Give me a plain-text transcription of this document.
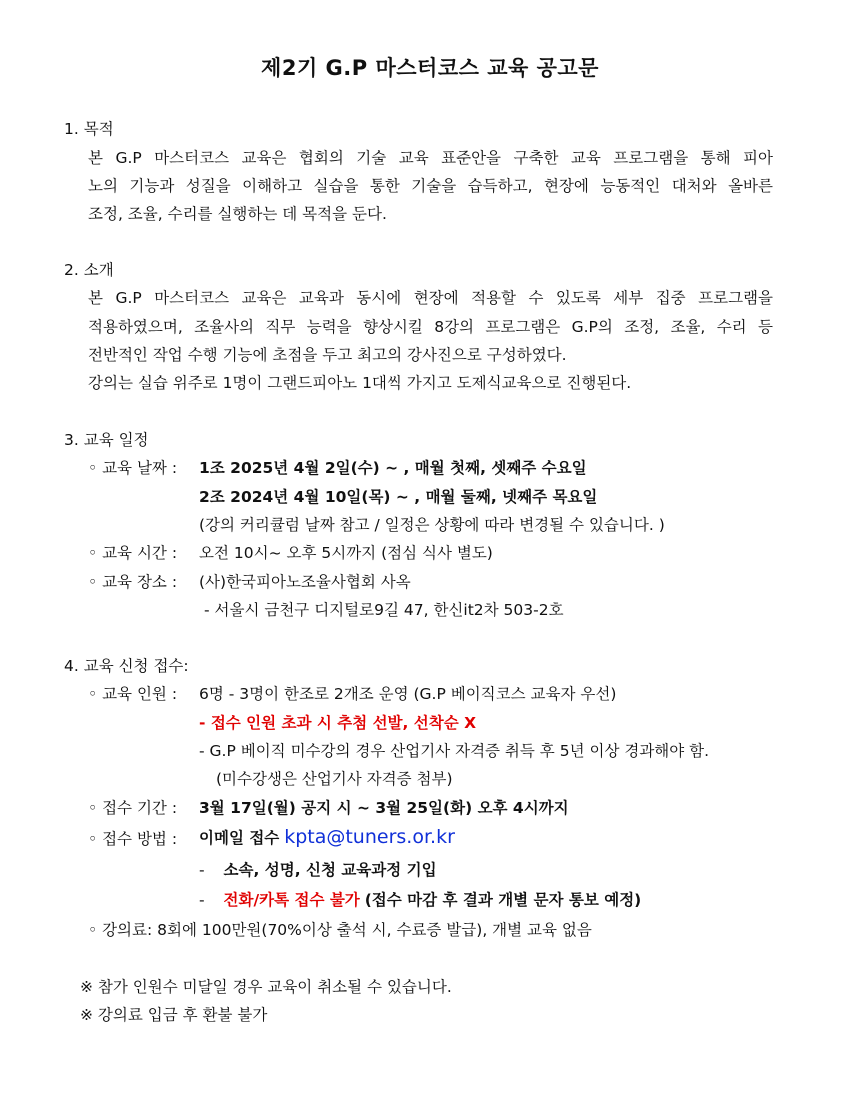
제2기 G.P 마스터코스 교육 공고문
1. 목적
본 G.P 마스터코스 교육은 협회의 기술 교육 표준안을 구축한 교육 프로그램을 통해 피아
노의 기능과 성질을 이해하고 실습을 통한 기술을 습득하고, 현장에 능동적인 대처와 올바른
조정, 조율, 수리를 실행하는 데 목적을 둔다.
2. 소개
본 G.P 마스터코스 교육은 교육과 동시에 현장에 적용할 수 있도록 세부 집중 프로그램을
적용하였으며, 조율사의 직무 능력을 향상시킬 8강의 프로그램은 G.P의 조정, 조율, 수리 등
전반적인 작업 수행 기능에 초점을 두고 최고의 강사진으로 구성하였다.
강의는 실습 위주로 1명이 그랜드피아노 1대씩 가지고 도제식교육으로 진행된다.
3. 교육 일정
◦ 교육 날짜 : 1조 2025년 4월 2일(수) ~ , 매월 첫째, 셋째주 수요일
2조 2024년 4월 10일(목) ~ , 매월 둘째, 넷째주 목요일
(강의 커리큘럼 날짜 참고 / 일정은 상황에 따라 변경될 수 있습니다. )
◦ 교육 시간 : 오전 10시~ 오후 5시까지 (점심 식사 별도)
◦ 교육 장소 : (사)한국피아노조율사협회 사옥
- 서울시 금천구 디지털로9길 47, 한신it2차 503-2호
4. 교육 신청 접수:
◦ 교육 인원 : 6명 - 3명이 한조로 2개조 운영 (G.P 베이직코스 교육자 우선)
- 접수 인원 초과 시 추첨 선발, 선착순 X
- G.P 베이직 미수강의 경우 산업기사 자격증 취득 후 5년 이상 경과해야 함.
(미수강생은 산업기사 자격증 첨부)
◦ 접수 기간 : 3월 17일(월) 공지 시 ~ 3월 25일(화) 오후 4시까지
◦ 접수 방법 : 이메일 접수 kpta@tuners.or.kr
- 소속, 성명, 신청 교육과정 기입
- 전화/카톡 접수 불가 (접수 마감 후 결과 개별 문자 통보 예정)
◦ 강의료: 8회에 100만원(70%이상 출석 시, 수료증 발급), 개별 교육 없음
※ 참가 인원수 미달일 경우 교육이 취소될 수 있습니다.
※ 강의료 입금 후 환불 불가
